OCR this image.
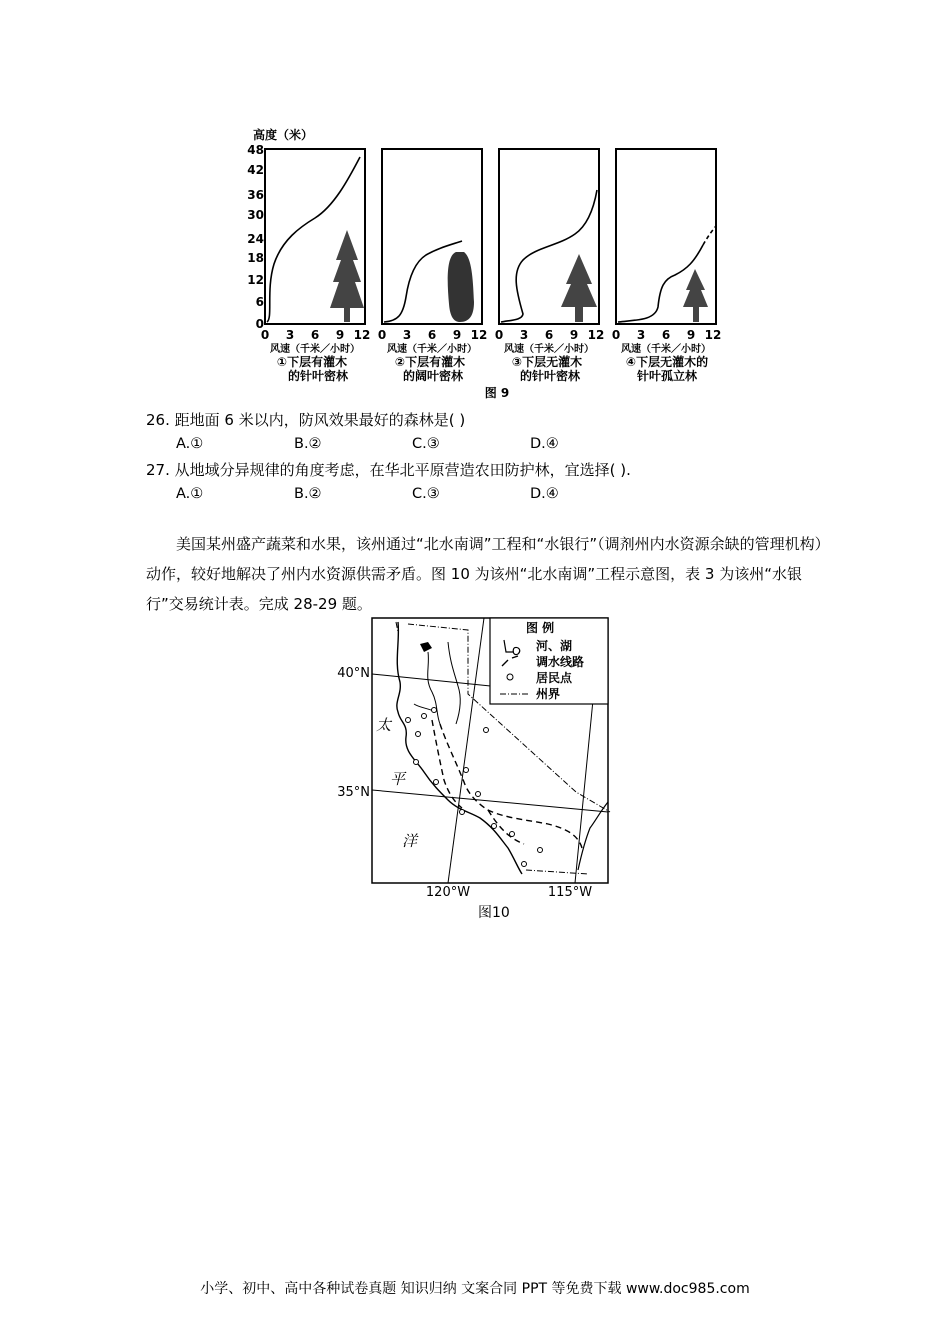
高度（米）
48
42
36
30
24
18
12
6
0
0 3 6 9 12 0 3 6 9 12 0 3 6 9 12 0 3 6 9 12
风速（千米／小时）	风速（千米／小时）	风速（千米／小时）	风速（千米／小时）
①下层有灌木
的针叶密林
②下层有灌木
的阔叶密林
③下层无灌木
的针叶密林
④下层无灌木的
针叶孤立林
图 9
26. 距地面 6 米以内，防风效果最好的森林是( )
A.①	B.②	C.③	D.④
27. 从地域分异规律的角度考虑，在华北平原营造农田防护林，宜选择( ).
A.①	B.②	C.③	D.④
美国某州盛产蔬菜和水果，该州通过“北水南调”工程和“水银行”（调剂州内水资源余缺的管理机构）动作，较好地解决了州内水资源供需矛盾。图 10 为该州“北水南调”工程示意图，表 3 为该州“水银行”交易统计表。完成 28-29 题。
图 例
河、湖
调水线路
居民点
州界
40°N
35°N
120°W	115°W
太
平
洋
图10
小学、初中、高中各种试卷真题 知识归纳 文案合同 PPT 等免费下载 www.doc985.com
